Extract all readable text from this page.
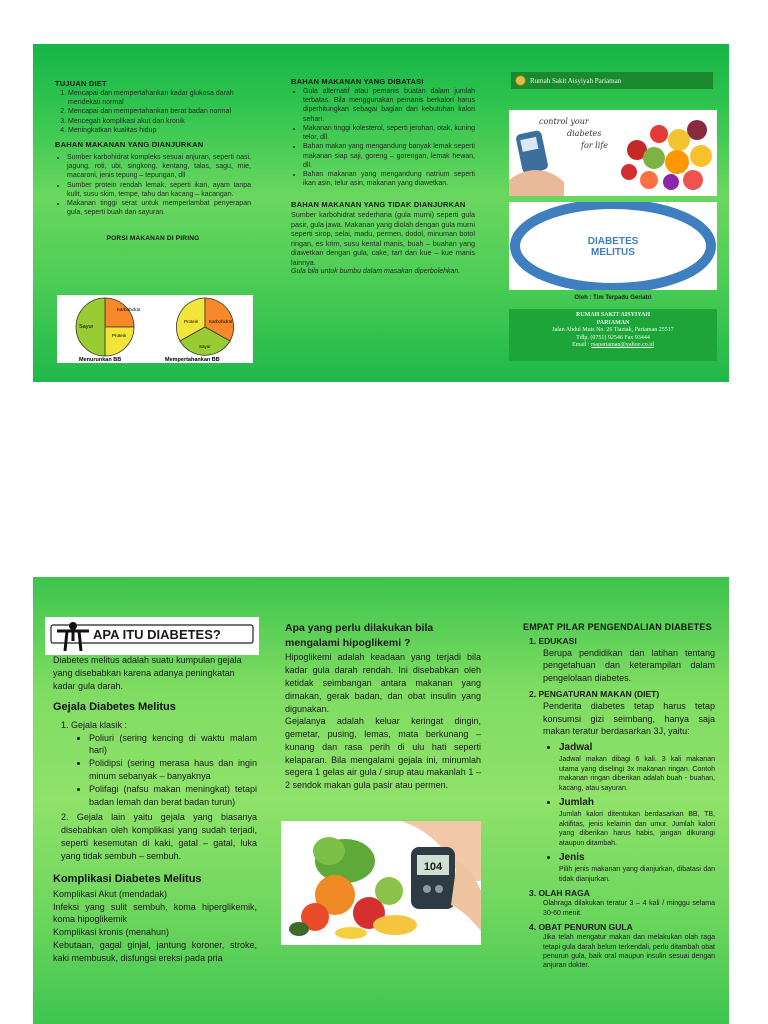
TUJUAN DIET
1. Mencapai dan mempertahankan kadar glukosa darah mendekati normal
2. Mencapai dan mempertahankan berat badan normal
3. Mencegah komplikasi akut dan kronik
4. Meningkatkan kualitas hidup
BAHAN MAKANAN YANG DIANJURKAN
• Sumber karbohidrat kompleks sesuai anjuran, seperti nasi, jagung, roti, ubi, singkong, kentang, talas, sagu, mie, macaroni, jenis tepung – tepungan, dll
• Sumber protein rendah lemak, seperti ikan, ayam tanpa kulit, susu skim, tempe, tahu dan kacang – kacangan.
• Makanan tinggi serat untuk memperlambat penyerapan gula, seperti buah dan sayuran.
PORSI MAKANAN DI PIRING
Karbohidrat
Sayur
Protein
Menurunkan BB
Protein Karbohidrat
Sayur
Mempertahankan BB
BAHAN MAKANAN YANG DIBATASI
• Gula alternatif atau pemanis buatan dalam jumlah terbatas. Bila menggunakan pemanis berkalori harus diperhitungkan sebagai bagian dari kebutuhan kalori sehari.
• Makanan tinggi kolesterol, seperti jerohan, otak, kuning telor, dll.
• Bahan makan yang mengandung banyak lemak seperti makanan siap saji, goreng – gorengan, lemak hewan, dll.
• Bahan makanan yang mengandung natrium seperti ikan asin, telur asin, makanan yang diawetkan.
BAHAN MAKANAN YANG TIDAK DIANJURKAN
Sumber karbohidrat sederhana (gula murni) seperti gula pasir, gula jawa. Makanan yang diolah dengan gula murni seperti sirop, selai, madu, permen, dodol, minuman botol ringan, es krim, susu kental manis, buah – buahan yang diawetkan dengan gula, cake, tart dan kue – kue manis lainnya.
Gula bila untuk bumbu dalam masakan diperbolehkan.
Rumah Sakit Aisyiyah Pariaman
control your
diabetes
for life
DIABETES
MELITUS
Oleh : Tim Terpadu Geriatri
RUMAH SAKIT AISYIYAH
PARIAMAN
Jalan Abdul Muis No. 26 Tiaztak, Pariaman 25517
Tdlp. (0751) 92546 Fax 93444
Email : rsapariaman@yahoo.co.id
APA ITU DIABETES?
Diabetes melitus adalah suatu kumpulan gejala yang disebabkan karena adanya peningkatan kadar gula darah.
Gejala Diabetes Melitus
1. Gejala klasik :
• Poliuri (sering kencing di waktu malam hari)
• Polidipsi (sering merasa haus dan ingin minum sebanyak – banyaknya
• Polifagi (nafsu makan meningkat) tetapi badan lemah dan berat badan turun)
2. Gejala lain yaitu gejala yang biasanya disebabkan oleh komplikasi yang sudah terjadi, seperti kesemutan di kaki, gatal – gatal, luka yang tidak sembuh – sembuh.
Komplikasi Diabetes Melitus
Komplikasi Akut (mendadak)
Infeksi yang sulit sembuh, koma hiperglikemik, koma hipoglikemik
Komplikasi kronis (menahun)
Kebutaan, gagal ginjal, jantung koroner, stroke, kaki membusuk, disfungsi ereksi pada pria
Apa yang perlu dilakukan bila mengalami hipoglikemi ?
Hipoglikemi adalah keadaan yang terjadi bila kadar gula darah rendah. Ini disebabkan oleh ketidak seimbangan antara makanan yang dimakan, gerak badan, dan obat insulin yang digunakan.
Gejalanya adalah keluar keringat dingin, gemetar, pusing, lemas, mata berkunang – kunang dan rasa perih di ulu hati seperti kelaparan. Bila mengalami gejala ini, minumlah segera 1 gelas air gula / sirup atau makanlah 1 – 2 sendok makan gula pasir atau permen.
104
EMPAT PILAR PENGENDALIAN DIABETES
1. EDUKASI
Berupa pendidikan dan latihan tentang pengetahuan dan keterampilan dalam pengelolaan diabetes.
2. PENGATURAN MAKAN (DIET)
Penderita diabetes tetap harus tetap konsumsi gizi seimbang, hanya saja makan teratur berdasarkan 3J, yaitu:
• Jadwal
Jadwal makan dibagi 6 kali. 3 kali makanan utama yang diselingi 3x makanan ringan. Contoh makanan ringan diberikan adalah buah - buahan, kacang, atau sayuran.
• Jumlah
Jumlah kalori ditentukan berdasarkan BB, TB, aktifitas, jenis kelamin dan umur. Jumlah kalori yang diberikan harus habis, jangan dikurangi ataupun ditambah.
• Jenis
Pilih jenis makanan yang dianjurkan, dibatasi dan tidak dianjurkan.
3. OLAH RAGA
Olahraga dilakukan teratur 3 – 4 kali / minggu selama 30-60 menit.
4. OBAT PENURUN GULA
Jika telah mengatur makan dan melakukan olah raga tetapi gula darah belum terkendali, perlu ditambah obat penurun gula, baik oral maupun insulin sesuai dengan anjuran dokter.
